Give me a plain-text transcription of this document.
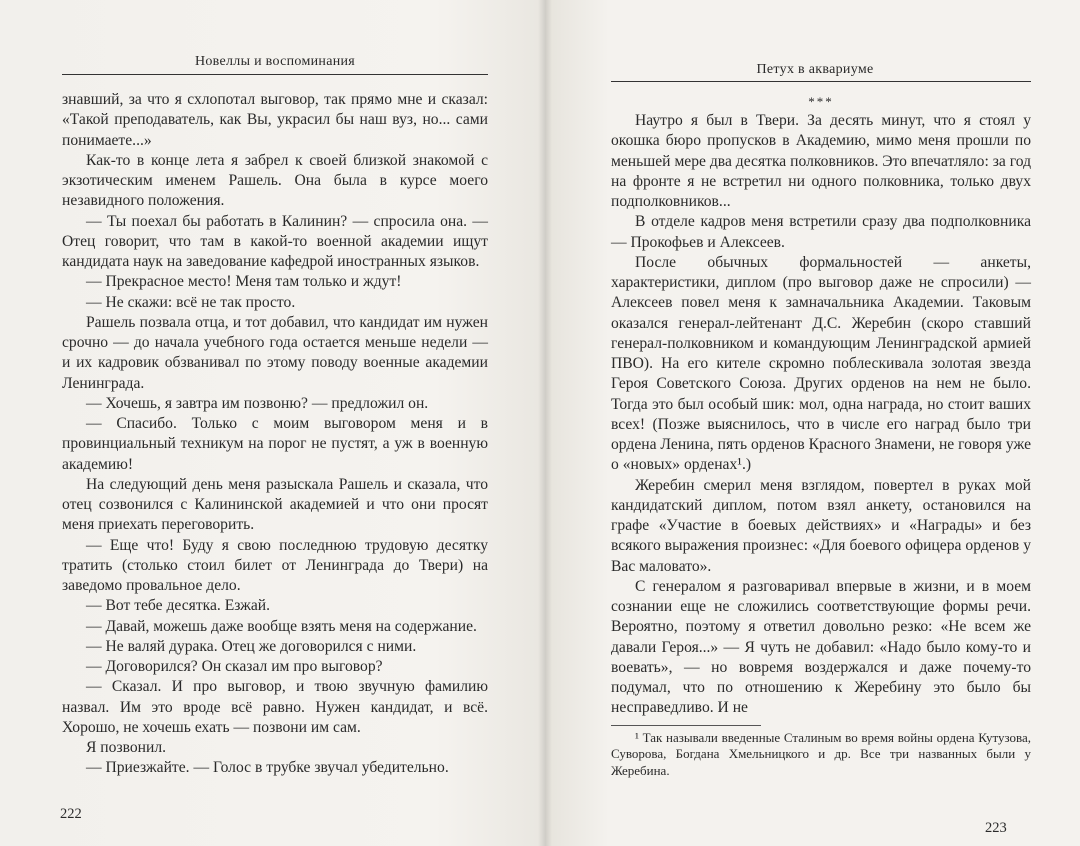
Новеллы и воспоминания

знавший, за что я схлопотал выговор, так прямо мне и сказал: «Такой преподаватель, как Вы, украсил бы наш вуз, но... сами понимаете...»

Как-то в конце лета я забрел к своей близкой знакомой с экзотическим именем Рашель. Она была в курсе моего незавидного положения.

— Ты поехал бы работать в Калинин? — спросила она. — Отец говорит, что там в какой-то военной академии ищут кандидата наук на заведование кафедрой иностранных языков.

— Прекрасное место! Меня там только и ждут!

— Не скажи: всё не так просто.

Рашель позвала отца, и тот добавил, что кандидат им нужен срочно — до начала учебного года остается меньше недели — и их кадровик обзванивал по этому поводу военные академии Ленинграда.

— Хочешь, я завтра им позвоню? — предложил он.

— Спасибо. Только с моим выговором меня и в провинциальный техникум на порог не пустят, а уж в военную академию!

На следующий день меня разыскала Рашель и сказала, что отец созвонился с Калининской академией и что они просят меня приехать переговорить.

— Еще что! Буду я свою последнюю трудовую десятку тратить (столько стоил билет от Ленинграда до Твери) на заведомо провальное дело.

— Вот тебе десятка. Езжай.

— Давай, можешь даже вообще взять меня на содержание.

— Не валяй дурака. Отец же договорился с ними.

— Договорился? Он сказал им про выговор?

— Сказал. И про выговор, и твою звучную фамилию назвал. Им это вроде всё равно. Нужен кандидат, и всё. Хорошо, не хочешь ехать — позвони им сам.

Я позвонил.

— Приезжайте. — Голос в трубке звучал убедительно.

222
Петух в аквариуме
***

Наутро я был в Твери. За десять минут, что я стоял у окошка бюро пропусков в Академию, мимо меня прошли по меньшей мере два десятка полковников. Это впечатляло: за год на фронте я не встретил ни одного полковника, только двух подполковников...

В отделе кадров меня встретили сразу два подполковника — Прокофьев и Алексеев.

После обычных формальностей — анкеты, характеристики, диплом (про выговор даже не спросили) — Алексеев повел меня к замначальника Академии. Таковым оказался генерал-лейтенант Д.С. Жеребин (скоро ставший генерал-полковником и командующим Ленинградской армией ПВО). На его кителе скромно поблескивала золотая звезда Героя Советского Союза. Других орденов на нем не было. Тогда это был особый шик: мол, одна награда, но стоит ваших всех! (Позже выяснилось, что в числе его наград было три ордена Ленина, пять орденов Красного Знамени, не говоря уже о «новых» орденах¹.)

Жеребин смерил меня взглядом, повертел в руках мой кандидатский диплом, потом взял анкету, остановился на графе «Участие в боевых действиях» и «Награды» и без всякого выражения произнес: «Для боевого офицера орденов у Вас маловато».

С генералом я разговаривал впервые в жизни, и в моем сознании еще не сложились соответствующие формы речи. Вероятно, поэтому я ответил довольно резко: «Не всем же давали Героя...» — Я чуть не добавил: «Надо было кому-то и воевать», — но вовремя воздержался и даже почему-то подумал, что по отношению к Жеребину это было бы несправедливо. И не

¹ Так называли введенные Сталиным во время войны ордена Кутузова, Суворова, Богдана Хмельницкого и др. Все три названных были у Жеребина.

223
